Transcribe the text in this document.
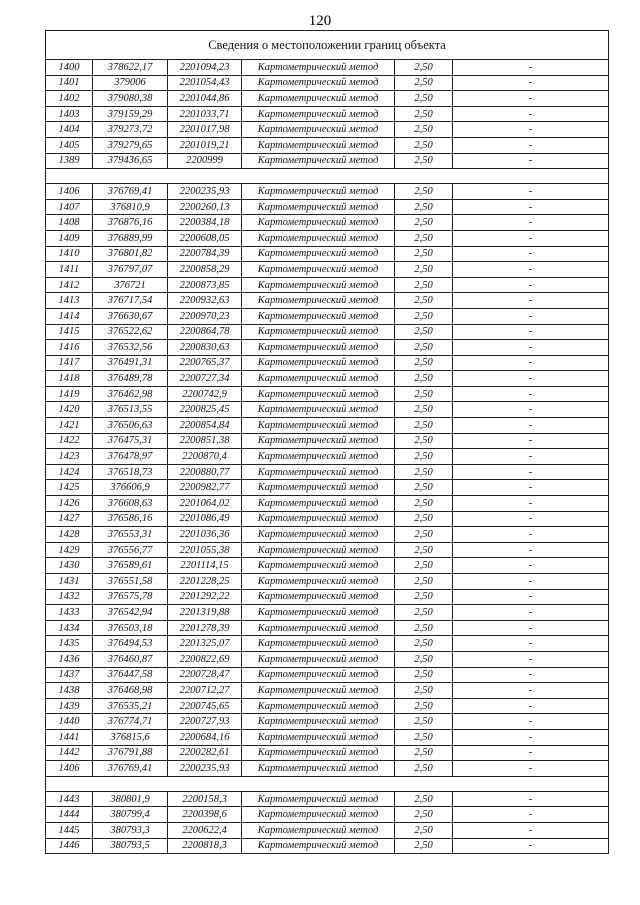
120
Сведения о местоположении границ объекта					
1400	378622,17	2201094,23	Картометрический метод	2,50	-
1401	379006	2201054,43	Картометрический метод	2,50	-
1402	379080,38	2201044,86	Картометрический метод	2,50	-
1403	379159,29	2201033,71	Картометрический метод	2,50	-
1404	379273,72	2201017,98	Картометрический метод	2,50	-
1405	379279,65	2201019,21	Картометрический метод	2,50	-
1389	379436,65	2200999	Картометрический метод	2,50	-

1406	376769,41	2200235,93	Картометрический метод	2,50	-
1407	376810,9	2200260,13	Картометрический метод	2,50	-
1408	376876,16	2200384,18	Картометрический метод	2,50	-
1409	376889,99	2200608,05	Картометрический метод	2,50	-
1410	376801,82	2200784,39	Картометрический метод	2,50	-
1411	376797,07	2200858,29	Картометрический метод	2,50	-
1412	376721	2200873,85	Картометрический метод	2,50	-
1413	376717,54	2200932,63	Картометрический метод	2,50	-
1414	376630,67	2200970,23	Картометрический метод	2,50	-
1415	376522,62	2200864,78	Картометрический метод	2,50	-
1416	376532,56	2200830,63	Картометрический метод	2,50	-
1417	376491,31	2200765,37	Картометрический метод	2,50	-
1418	376489,78	2200727,34	Картометрический метод	2,50	-
1419	376462,98	2200742,9	Картометрический метод	2,50	-
1420	376513,55	2200825,45	Картометрический метод	2,50	-
1421	376506,63	2200854,84	Картометрический метод	2,50	-
1422	376475,31	2200851,38	Картометрический метод	2,50	-
1423	376478,97	2200870,4	Картометрический метод	2,50	-
1424	376518,73	2200880,77	Картометрический метод	2,50	-
1425	376606,9	2200982,77	Картометрический метод	2,50	-
1426	376608,63	2201064,02	Картометрический метод	2,50	-
1427	376586,16	2201086,49	Картометрический метод	2,50	-
1428	376553,31	2201036,36	Картометрический метод	2,50	-
1429	376556,77	2201055,38	Картометрический метод	2,50	-
1430	376589,61	2201114,15	Картометрический метод	2,50	-
1431	376551,58	2201228,25	Картометрический метод	2,50	-
1432	376575,78	2201292,22	Картометрический метод	2,50	-
1433	376542,94	2201319,88	Картометрический метод	2,50	-
1434	376503,18	2201278,39	Картометрический метод	2,50	-
1435	376494,53	2201325,07	Картометрический метод	2,50	-
1436	376460,87	2200822,69	Картометрический метод	2,50	-
1437	376447,58	2200728,47	Картометрический метод	2,50	-
1438	376468,98	2200712,27	Картометрический метод	2,50	-
1439	376535,21	2200745,65	Картометрический метод	2,50	-
1440	376774,71	2200727,93	Картометрический метод	2,50	-
1441	376815,6	2200684,16	Картометрический метод	2,50	-
1442	376791,88	2200282,61	Картометрический метод	2,50	-
1406	376769,41	2200235,93	Картометрический метод	2,50	-

1443	380801,9	2200158,3	Картометрический метод	2,50	-
1444	380799,4	2200398,6	Картометрический метод	2,50	-
1445	380793,3	2200622,4	Картометрический метод	2,50	-
1446	380793,5	2200818,3	Картометрический метод	2,50	-
